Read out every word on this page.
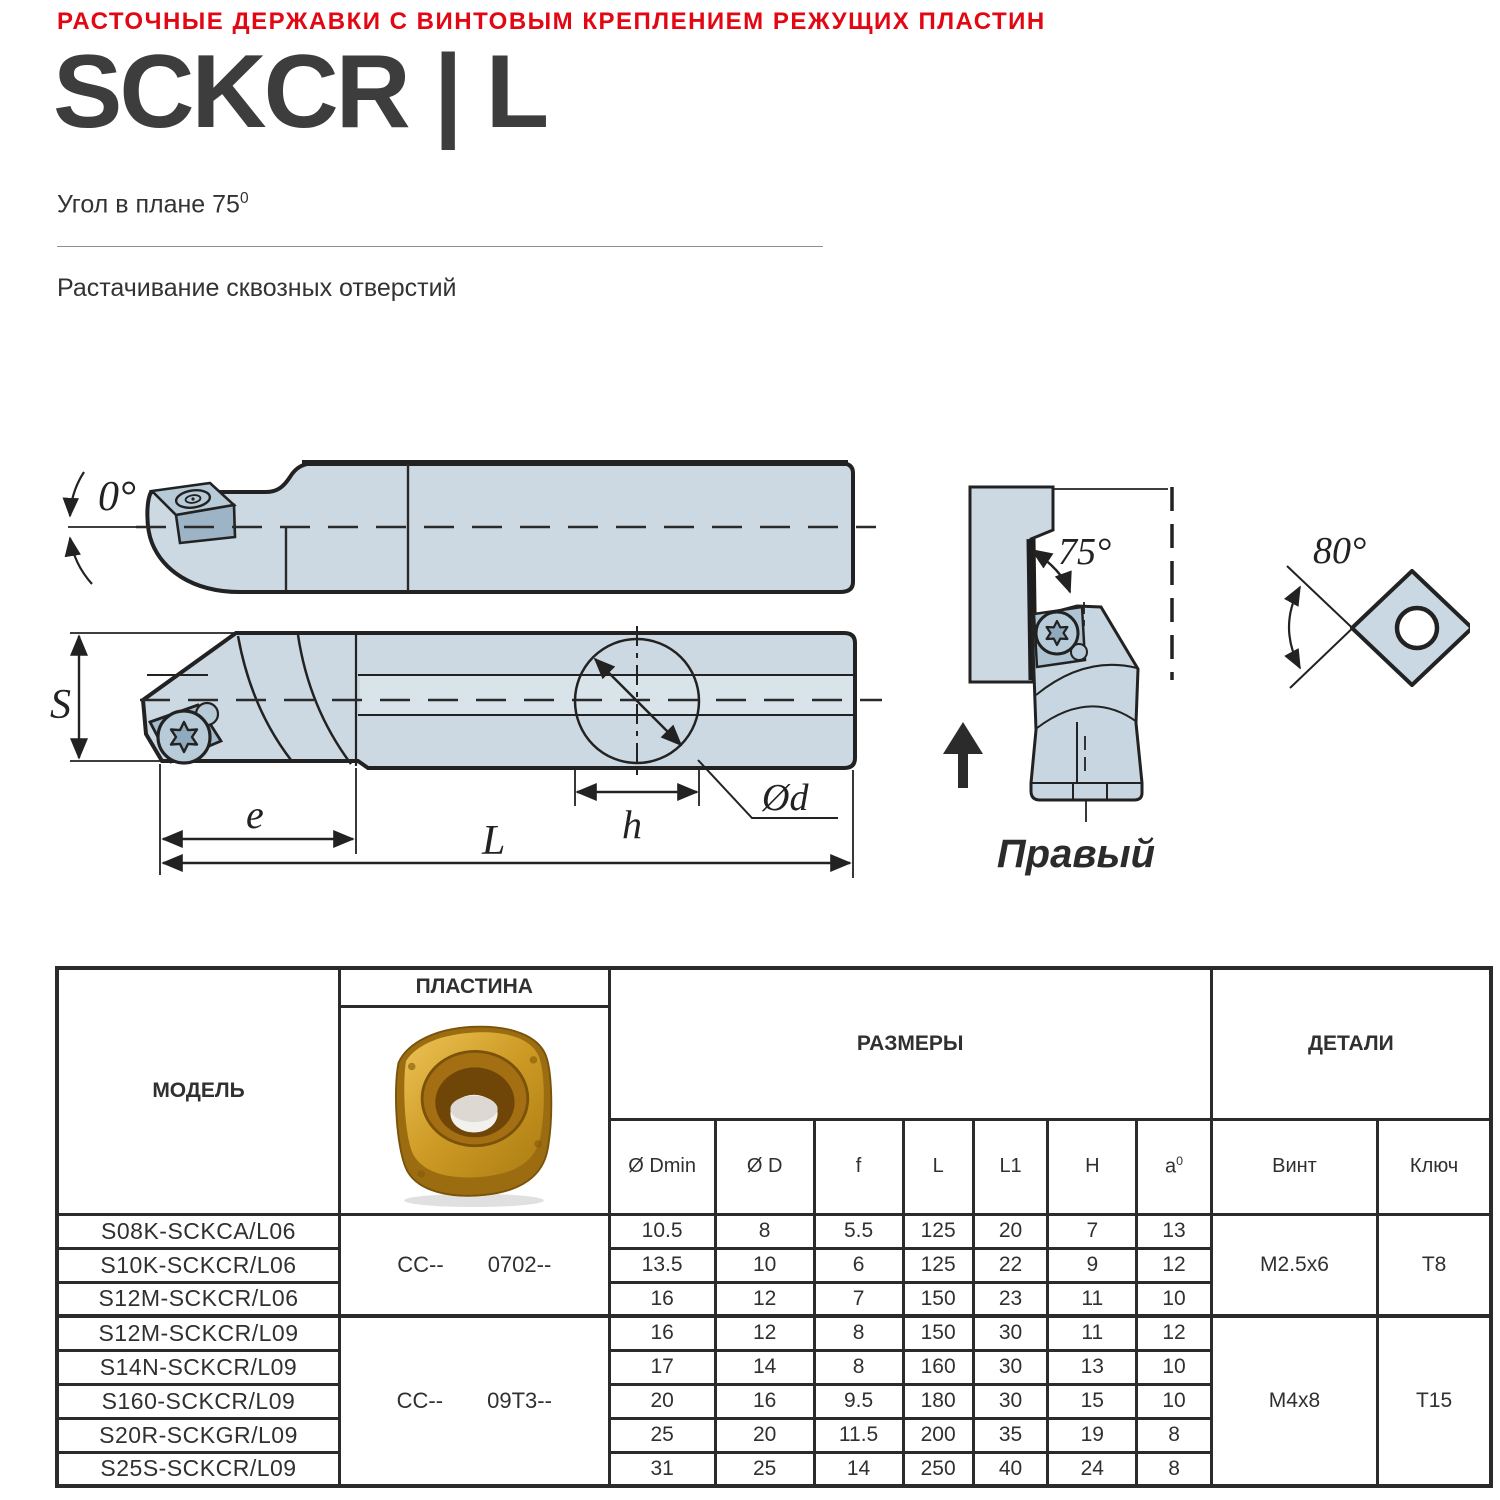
РАСТОЧНЫЕ ДЕРЖАВКИ С ВИНТОВЫМ КРЕПЛЕНИЕМ РЕЖУЩИХ ПЛАСТИН
SCKCR | L
Угол в плане $75^0$
Растачивание сквозных отверстий
0°
Ød
h
S
e
L
75°
Правый
80°
МОДЕЛЬ	ПЛАСТИНА	РАЗМЕРЫ							ДЕТАЛИ	

		Ø Dmin	Ø D	f	L	L1	H	$a^0$	Винт	Ключ
S08K-SCKCA/L06	CC-- 0702--	10.5	8	5.5	125	20	7	13	M2.5x6	T8
S10K-SCKCR/L06		13.5	10	6	125	22	9	12		
S12M-SCKCR/L06		16	12	7	150	23	11	10		
S12M-SCKCR/L09	CC-- 09T3--	16	12	8	150	30	11	12	M4x8	T15
S14N-SCKCR/L09		17	14	8	160	30	13	10		
S160-SCKCR/L09		20	16	9.5	180	30	15	10		
S20R-SCKGR/L09		25	20	11.5	200	35	19	8		
S25S-SCKCR/L09		31	25	14	250	40	24	8		
